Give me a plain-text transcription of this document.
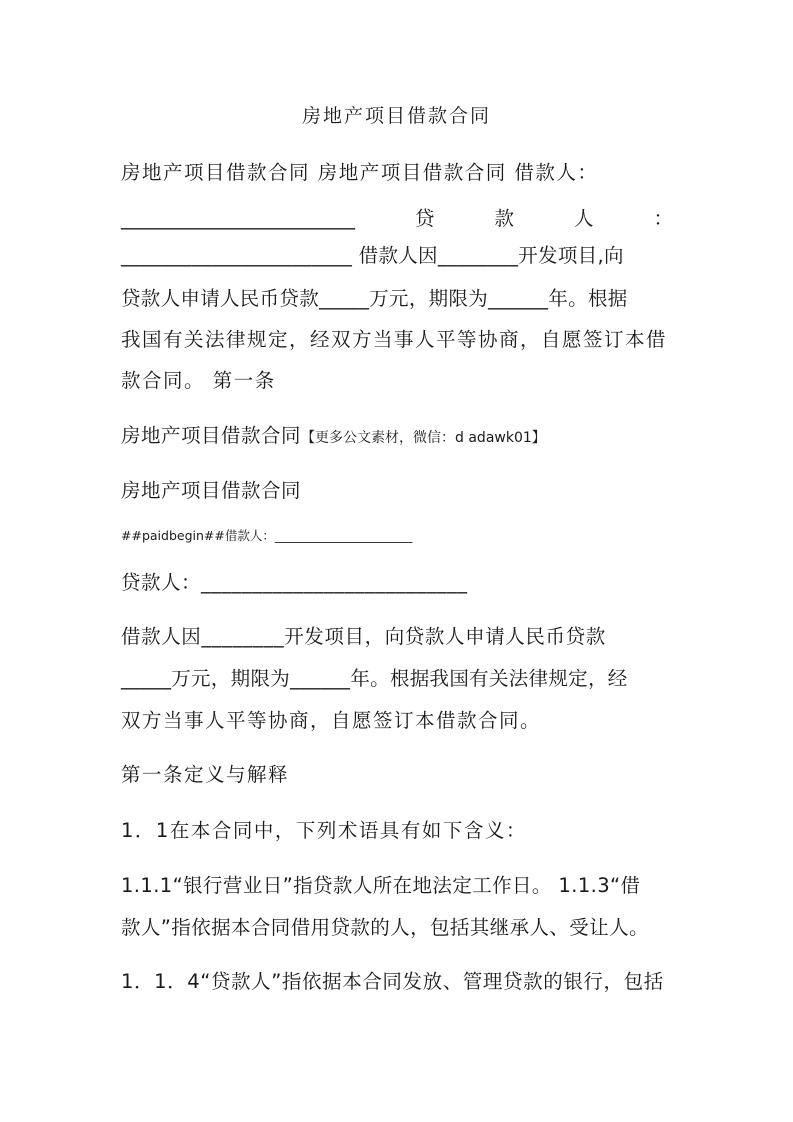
房地产项目借款合同

房地产项目借款合同 房地产项目借款合同 借款人：

________________________	贷	款	人	：

_______________________ 借款人因________开发项目,向

贷款人申请人民币贷款_____万元，期限为______年。根据

我国有关法律规定，经双方当事人平等协商，自愿签订本借

款合同。 第一条

房地产项目借款合同【更多公文素材，微信：d adawk01】

房地产项目借款合同

##paidbegin##借款人：______________________

贷款人：__________________________

借款人因________开发项目，向贷款人申请人民币贷款

_____万元，期限为______年。根据我国有关法律规定，经

双方当事人平等协商，自愿签订本借款合同。

第一条定义与解释

1．1在本合同中，下列术语具有如下含义：

1.1.1“银行营业日”指贷款人所在地法定工作日。 1.1.3“借

款人”指依据本合同借用贷款的人，包括其继承人、受让人。

1．1．4“贷款人”指依据本合同发放、管理贷款的银行，包括
